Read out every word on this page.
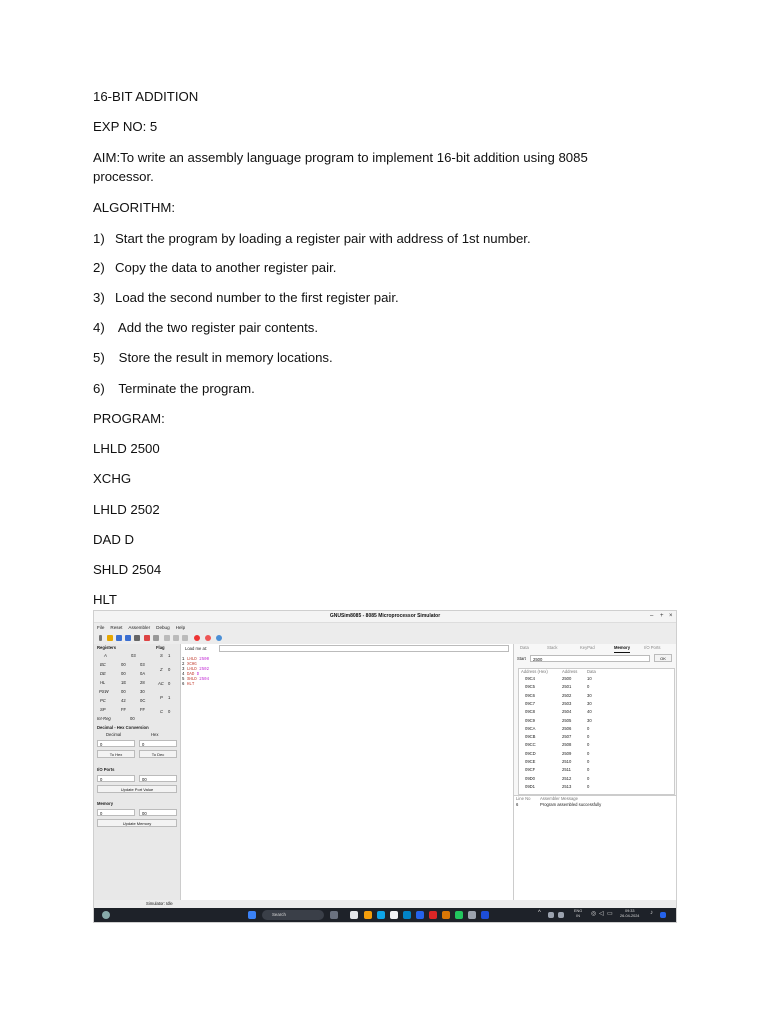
16-BIT ADDITION
EXP NO: 5
AIM:To write an assembly language program to implement 16-bit addition using 8085
processor.
ALGORITHM:
1) Start the program by loading a register pair with address of 1st number.
2) Copy the data to another register pair.
3) Load the second number to the first register pair.
4) Add the two register pair contents.
5) Store the result in memory locations.
6) Terminate the program.
PROGRAM:
LHLD 2500
XCHG
LHLD 2502
DAD D
SHLD 2504
HLT
GNUSim8085 - 8085 Microprocessor Simulator	– + ×
File Reset Assembler Debug Help
Registers	Flag
A	03
BC	00	03
DE	00	0A
HL	1E	28
PSW	00	30
PC	42	0C
SP	FF	FF
Int-Reg	00
S 1
Z 0
AC 0
P 1
C 0
Decimal - Hex Conversion
Decimal	Hex
0	0
To Hex	To Dec
I/O Ports
0	00
Update Port Value
Memory
0	00
Update Memory
Load me at:
1 LHLD 2500
2 XCHG
3 LHLD 2502
4 DAD D
5 SHLD 2504
6 HLT
Data	Stack	KeyPad	Memory	I/O Ports
Start	2500	OK
Address (Hex)	Address Data
09C4	2500	10
09C5	2501	0
09C6	2502	30
09C7	2503	30
09C8	2504	40
09C9	2505	30
09CA	2506	0
09CB	2507	0
09CC	2508	0
09CD	2509	0
09CE	2510	0
09CF	2511	0
09D0	2512	0
09D1	2513	0
Line No Assembler Message
6	Program assembled successfully
Simulator: Idle
Search	^	ENG
IN	◎ ◁ ▭	09:33
26-04-2024 ♪
